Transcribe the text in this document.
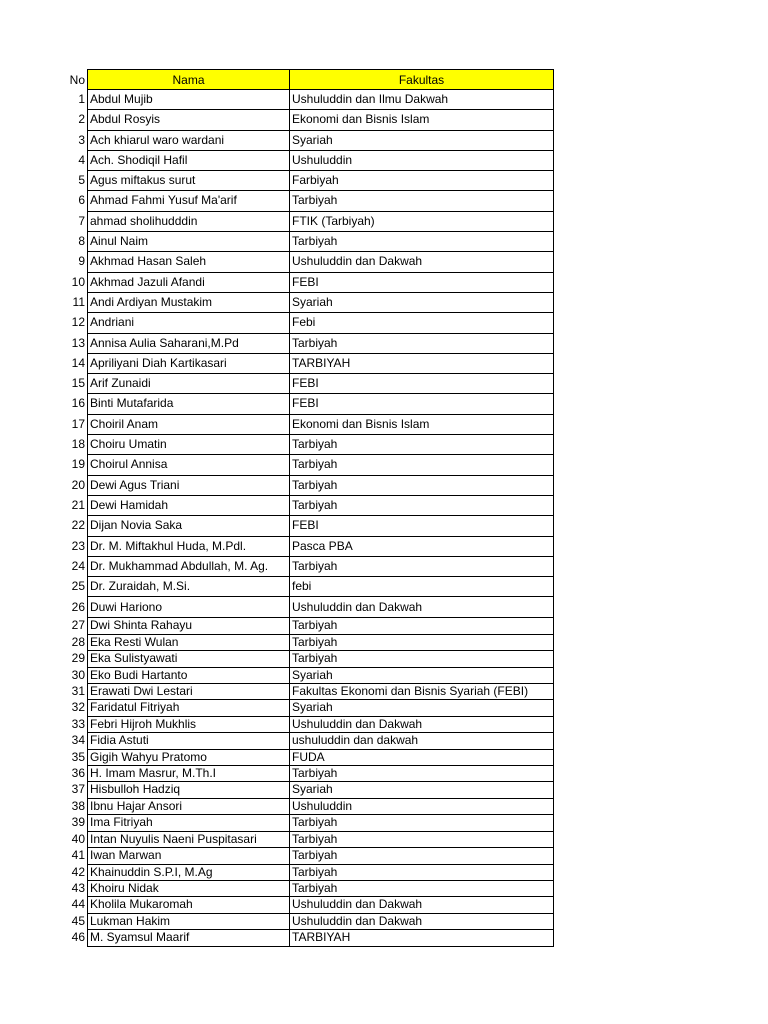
No	Nama	Fakultas
1	Abdul Mujib	Ushuluddin dan Ilmu Dakwah
2	Abdul Rosyis	Ekonomi dan Bisnis Islam
3	Ach khiarul waro wardani	Syariah
4	Ach. Shodiqil Hafil	Ushuluddin
5	Agus miftakus surut	Farbiyah
6	Ahmad Fahmi Yusuf Ma'arif	Tarbiyah
7	ahmad sholihudddin	FTIK (Tarbiyah)
8	Ainul Naim	Tarbiyah
9	Akhmad Hasan Saleh	Ushuluddin dan Dakwah
10	Akhmad Jazuli Afandi	FEBI
11	Andi Ardiyan Mustakim	Syariah
12	Andriani	Febi
13	Annisa Aulia Saharani,M.Pd	Tarbiyah
14	Apriliyani Diah Kartikasari	TARBIYAH
15	Arif Zunaidi	FEBI
16	Binti Mutafarida	FEBI
17	Choiril Anam	Ekonomi dan Bisnis Islam
18	Choiru Umatin	Tarbiyah
19	Choirul Annisa	Tarbiyah
20	Dewi Agus Triani	Tarbiyah
21	Dewi Hamidah	Tarbiyah
22	Dijan Novia Saka	FEBI
23	Dr. M. Miftakhul Huda, M.Pdl.	Pasca PBA
24	Dr. Mukhammad Abdullah, M. Ag.	Tarbiyah
25	Dr. Zuraidah, M.Si.	febi
26	Duwi Hariono	Ushuluddin dan Dakwah
27	Dwi Shinta Rahayu	Tarbiyah
28	Eka Resti Wulan	Tarbiyah
29	Eka Sulistyawati	Tarbiyah
30	Eko Budi Hartanto	Syariah
31	Erawati Dwi Lestari	Fakultas Ekonomi dan Bisnis Syariah (FEBI)
32	Faridatul Fitriyah	Syariah
33	Febri Hijroh Mukhlis	Ushuluddin dan Dakwah
34	Fidia Astuti	ushuluddin dan dakwah
35	Gigih Wahyu Pratomo	FUDA
36	H. Imam Masrur, M.Th.I	Tarbiyah
37	Hisbulloh Hadziq	Syariah
38	Ibnu Hajar Ansori	Ushuluddin
39	Ima Fitriyah	Tarbiyah
40	Intan Nuyulis Naeni Puspitasari	Tarbiyah
41	Iwan Marwan	Tarbiyah
42	Khainuddin S.P.I, M.Ag	Tarbiyah
43	Khoiru Nidak	Tarbiyah
44	Kholila Mukaromah	Ushuluddin dan Dakwah
45	Lukman Hakim	Ushuluddin dan Dakwah
46	M. Syamsul Maarif	TARBIYAH
